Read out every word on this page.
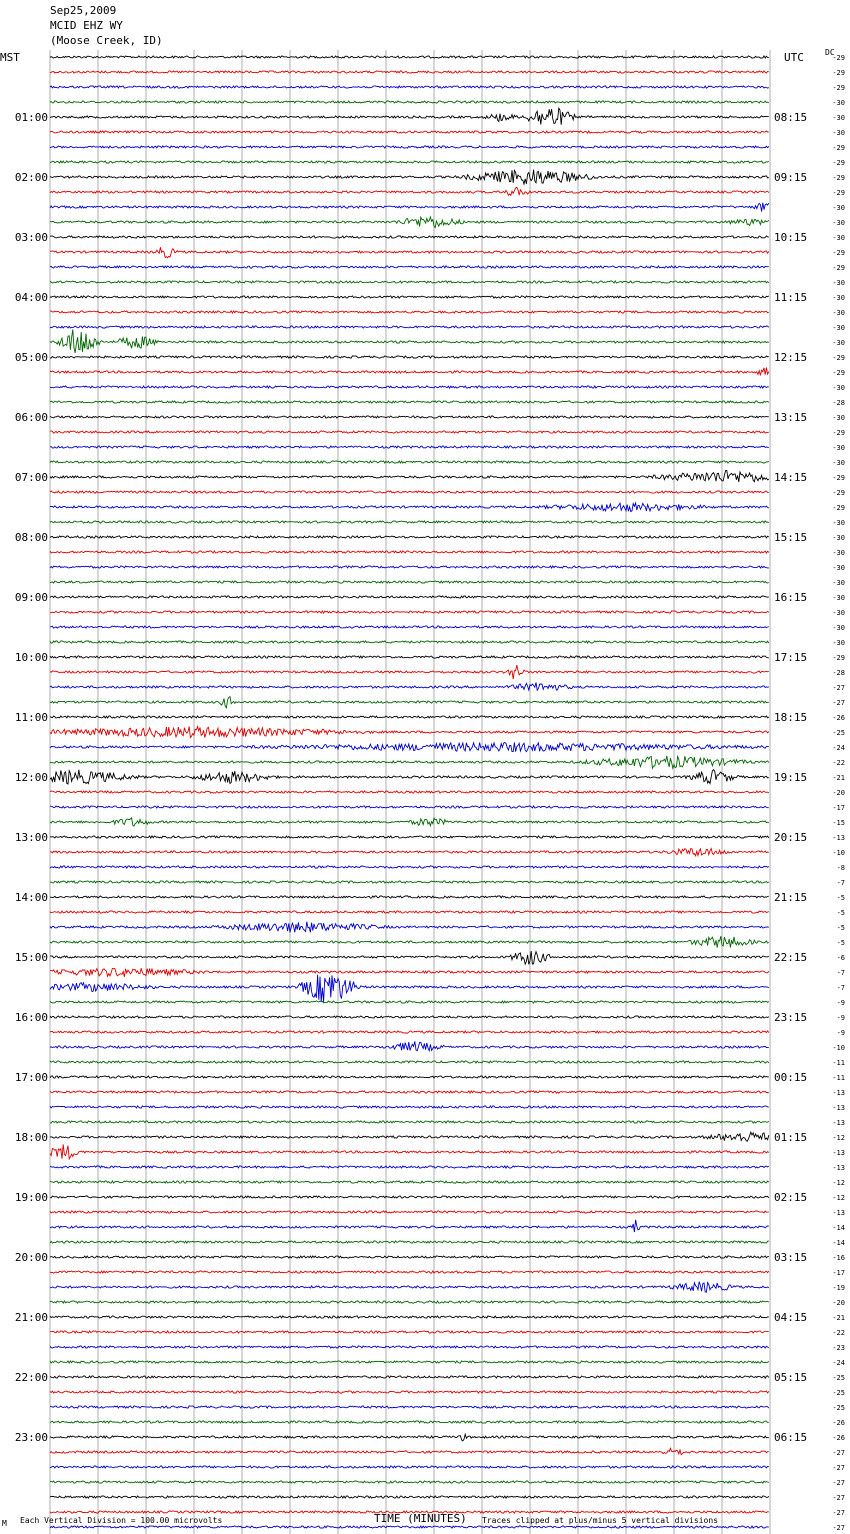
Sep25,2009
MCID EHZ WY
(Moose Creek, ID)
MST	UTC	DC
-29
-29
-29
-30
-30
-30
-29
-29
-29
-29
-30
-30
-30
-29
-29
-30
-30
-30
-30
-30
-29
-29
-30
-28
-30
-29
-30
-30
-29
-29
-29
-30
-30
-30
-30
-30
-30
-30
-30
-30
-29
-28
-27
-27
-26
-25
-24
-22
-21
-20
-17
-15
-13
-10
-8
-7
-5
-5
-5
-5
-6
-7
-7
-9
-9
-9
-10
-11
-11
-13
-13
-13
-12
-13
-13
-12
-12
-13
-14
-14
-16
-17
-19
-20
-21
-22
-23
-24
-25
-25
-25
-26
-26
-27
-27
-27
-27
-27
-27
01:00	08:15
02:00	09:15
03:00	10:15
04:00	11:15
05:00	12:15
06:00	13:15
07:00	14:15
08:00	15:15
09:00	16:15
10:00	17:15
11:00	18:15
12:00	19:15
13:00	20:15
14:00	21:15
15:00	22:15
16:00	23:15
17:00	00:15
18:00	01:15
19:00	02:15
20:00	03:15
21:00	04:15
22:00	05:15
23:00	06:15
TIME (MINUTES)
M Each Vertical Division = 100.00 microvolts	Traces clipped at plus/minus 5 vertical divisions
